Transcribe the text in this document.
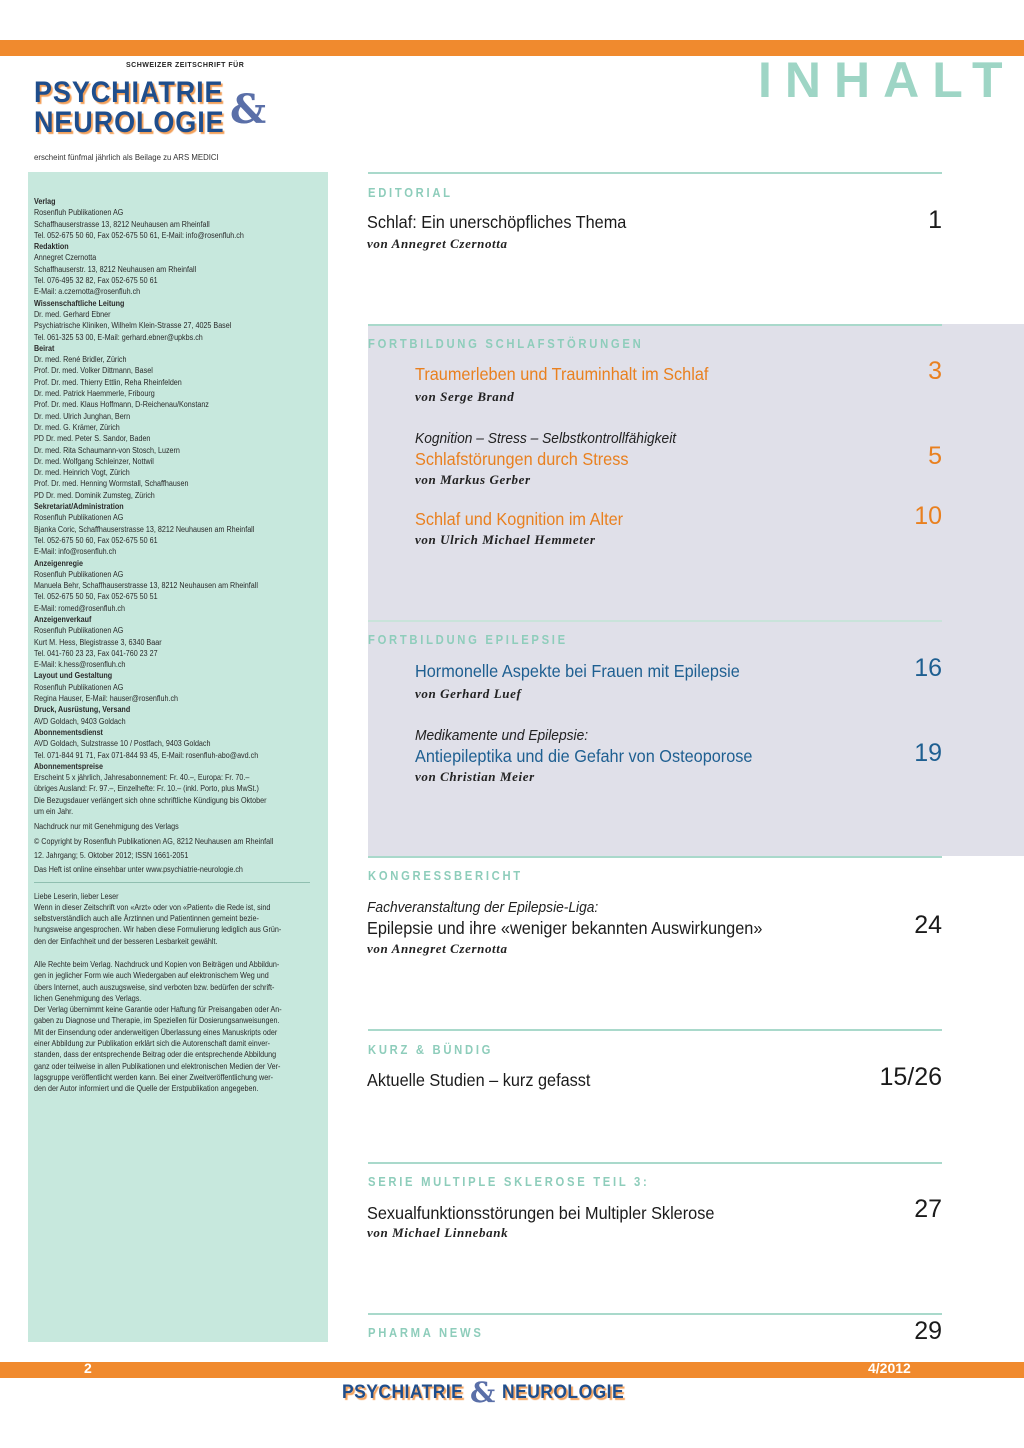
SCHWEIZER ZEITSCHRIFT FÜR
PSYCHIATRIE &
NEUROLOGIE
erscheint fünfmal jährlich als Beilage zu ARS MEDICI
INHALT
Verlag
Rosenfluh Publikationen AG
Schaffhauserstrasse 13, 8212 Neuhausen am Rheinfall
Tel. 052-675 50 60, Fax 052-675 50 61, E-Mail: info@rosenfluh.ch
Redaktion
Annegret Czernotta
Schaffhauserstr. 13, 8212 Neuhausen am Rheinfall
Tel. 076-495 32 82, Fax 052-675 50 61
E-Mail: a.czernotta@rosenfluh.ch
Wissenschaftliche Leitung
Dr. med. Gerhard Ebner
Psychiatrische Kliniken, Wilhelm Klein-Strasse 27, 4025 Basel
Tel. 061-325 53 00, E-Mail: gerhard.ebner@upkbs.ch
Beirat
Dr. med. René Bridler, Zürich
Prof. Dr. med. Volker Dittmann, Basel
Prof. Dr. med. Thierry Ettlin, Reha Rheinfelden
Dr. med. Patrick Haemmerle, Fribourg
Prof. Dr. med. Klaus Hoffmann, D-Reichenau/Konstanz
Dr. med. Ulrich Junghan, Bern
Dr. med. G. Krämer, Zürich
PD Dr. med. Peter S. Sandor, Baden
Dr. med. Rita Schaumann-von Stosch, Luzern
Dr. med. Wolfgang Schleinzer, Nottwil
Dr. med. Heinrich Vogt, Zürich
Prof. Dr. med. Henning Wormstall, Schaffhausen
PD Dr. med. Dominik Zumsteg, Zürich
Sekretariat/Administration
Rosenfluh Publikationen AG
Bjanka Coric, Schaffhauserstrasse 13, 8212 Neuhausen am Rheinfall
Tel. 052-675 50 60, Fax 052-675 50 61
E-Mail: info@rosenfluh.ch
Anzeigenregie
Rosenfluh Publikationen AG
Manuela Behr, Schaffhauserstrasse 13, 8212 Neuhausen am Rheinfall
Tel. 052-675 50 50, Fax 052-675 50 51
E-Mail: romed@rosenfluh.ch
Anzeigenverkauf
Rosenfluh Publikationen AG
Kurt M. Hess, Blegistrasse 3, 6340 Baar
Tel. 041-760 23 23, Fax 041-760 23 27
E-Mail: k.hess@rosenfluh.ch
Layout und Gestaltung
Rosenfluh Publikationen AG
Regina Hauser, E-Mail: hauser@rosenfluh.ch
Druck, Ausrüstung, Versand
AVD Goldach, 9403 Goldach
Abonnementsdienst
AVD Goldach, Sulzstrasse 10 / Postfach, 9403 Goldach
Tel. 071-844 91 71, Fax 071-844 93 45, E-Mail: rosenfluh-abo@avd.ch
Abonnementspreise
Erscheint 5 x jährlich, Jahresabonnement: Fr. 40.–, Europa: Fr. 70.–
übriges Ausland: Fr. 97.–, Einzelhefte: Fr. 10.– (inkl. Porto, plus MwSt.)
Die Bezugsdauer verlängert sich ohne schriftliche Kündigung bis Oktober
um ein Jahr.
Nachdruck nur mit Genehmigung des Verlags
© Copyright by Rosenfluh Publikationen AG, 8212 Neuhausen am Rheinfall
12. Jahrgang; 5. Oktober 2012; ISSN 1661-2051
Das Heft ist online einsehbar unter www.psychiatrie-neurologie.ch
Liebe Leserin, lieber Leser
Wenn in dieser Zeitschrift von «Arzt» oder von «Patient» die Rede ist, sind
selbstverständlich auch alle Ärztinnen und Patientinnen gemeint bezie-
hungsweise angesprochen. Wir haben diese Formulierung lediglich aus Grün-
den der Einfachheit und der besseren Lesbarkeit gewählt.
Alle Rechte beim Verlag. Nachdruck und Kopien von Beiträgen und Abbildun-
gen in jeglicher Form wie auch Wiedergaben auf elektronischem Weg und
übers Internet, auch auszugsweise, sind verboten bzw. bedürfen der schrift-
lichen Genehmigung des Verlags.
Der Verlag übernimmt keine Garantie oder Haftung für Preisangaben oder An-
gaben zu Diagnose und Therapie, im Speziellen für Dosierungsanweisungen.
Mit der Einsendung oder anderweitigen Überlassung eines Manuskripts oder
einer Abbildung zur Publikation erklärt sich die Autorenschaft damit einver-
standen, dass der entsprechende Beitrag oder die entsprechende Abbildung
ganz oder teilweise in allen Publikationen und elektronischen Medien der Ver-
lagsgruppe veröffentlicht werden kann. Bei einer Zweitveröffentlichung wer-
den der Autor informiert und die Quelle der Erstpublikation angegeben.
EDITORIAL
Schlaf: Ein unerschöpfliches Thema
von Annegret Czernotta
1
FORTBILDUNG SCHLAFSTÖRUNGEN
Traumerleben und Trauminhalt im Schlaf
von Serge Brand
3
Kognition – Stress – Selbstkontrollfähigkeit
Schlafstörungen durch Stress
von Markus Gerber
5
Schlaf und Kognition im Alter
von Ulrich Michael Hemmeter
10
FORTBILDUNG EPILEPSIE
Hormonelle Aspekte bei Frauen mit Epilepsie
von Gerhard Luef
16
Medikamente und Epilepsie:
Antiepileptika und die Gefahr von Osteoporose
von Christian Meier
19
KONGRESSBERICHT
Fachveranstaltung der Epilepsie-Liga:
Epilepsie und ihre «weniger bekannten Auswirkungen»
von Annegret Czernotta
24
KURZ & BÜNDIG
Aktuelle Studien – kurz gefasst	15/26
SERIE MULTIPLE SKLEROSE TEIL 3:
Sexualfunktionsstörungen bei Multipler Sklerose
von Michael Linnebank
27
PHARMA NEWS	29
2	4/2012
PSYCHIATRIE & NEUROLOGIE
